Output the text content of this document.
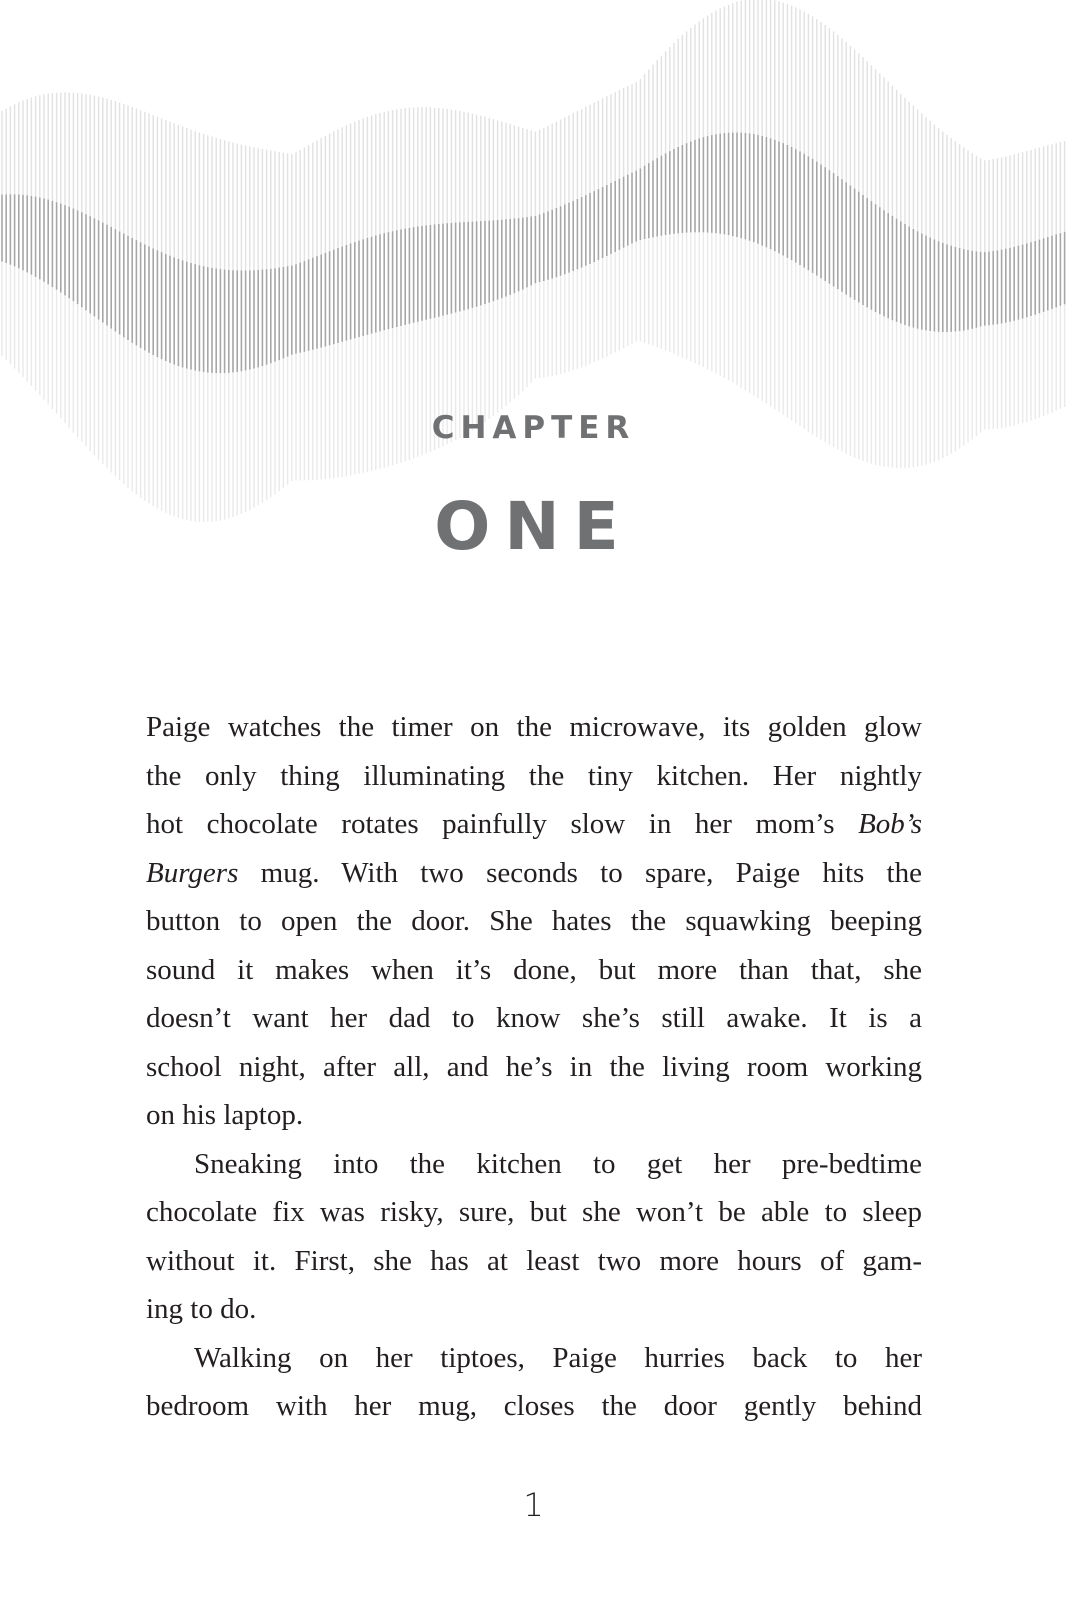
CHAPTER
ONE
Paige watches the timer on the microwave, its golden glow
the only thing illuminating the tiny kitchen. Her nightly
hot chocolate rotates painfully slow in her mom’s Bob’s
Burgers mug. With two seconds to spare, Paige hits the
button to open the door. She hates the squawking beeping
sound it makes when it’s done, but more than that, she
doesn’t want her dad to know she’s still awake. It is a
school night, after all, and he’s in the living room working
on his laptop.
Sneaking into the kitchen to get her pre-bedtime
chocolate fix was risky, sure, but she won’t be able to sleep
without it. First, she has at least two more hours of gam-
ing to do.
Walking on her tiptoes, Paige hurries back to her
bedroom with her mug, closes the door gently behind
1
